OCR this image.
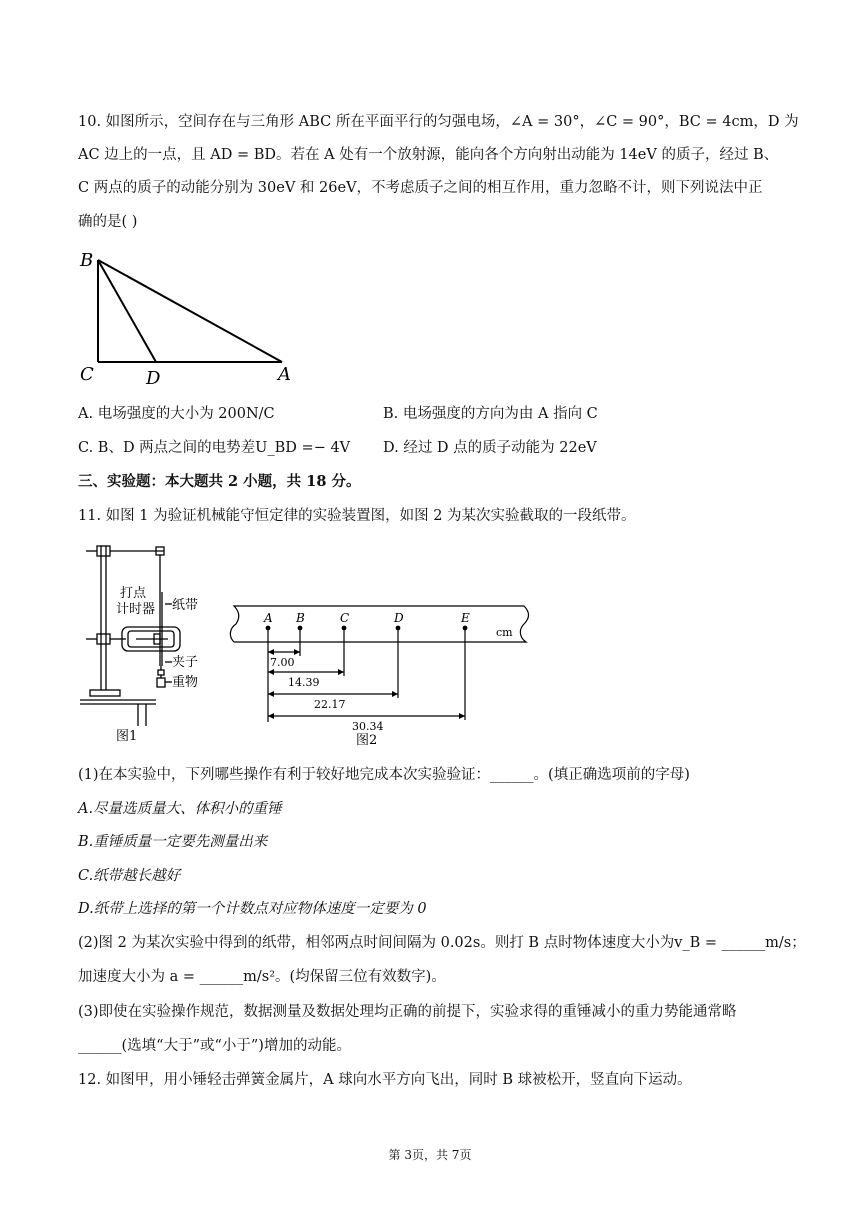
10. 如图所示，空间存在与三角形 ABC 所在平面平行的匀强电场，∠A = 30°，∠C = 90°，BC = 4cm，D 为
AC 边上的一点，且 AD = BD。若在 A 处有一个放射源，能向各个方向射出动能为 14eV 的质子，经过 B、
C 两点的质子的动能分别为 30eV 和 26eV，不考虑质子之间的相互作用，重力忽略不计，则下列说法中正
确的是( )
B
C	D	A
A. 电场强度的大小为 200N/C	B. 电场强度的方向为由 A 指向 C
C. B、D 两点之间的电势差U_BD =− 4V D. 经过 D 点的质子动能为 22eV
三、实验题：本大题共 2 小题，共 18 分。
11. 如图 1 为验证机械能守恒定律的实验装置图，如图 2 为某次实验截取的一段纸带。
打点
计时器 纸带
夹子
重物
图1
A B	C	D	E
cm
7.00
14.39
22.17
30.34
图2
(1)在本实验中，下列哪些操作有利于较好地完成本次实验验证：______。(填正确选项前的字母)
A.尽量选质量大、体积小的重锤
B.重锤质量一定要先测量出来
C.纸带越长越好
D.纸带上选择的第一个计数点对应物体速度一定要为 0
(2)图 2 为某次实验中得到的纸带，相邻两点时间间隔为 0.02s。则打 B 点时物体速度大小为v_B = ______m/s；
加速度大小为 a = ______m/s²。(均保留三位有效数字)。
(3)即使在实验操作规范，数据测量及数据处理均正确的前提下，实验求得的重锤减小的重力势能通常略
______(选填“大于”或“小于”)增加的动能。
12. 如图甲，用小锤轻击弹簧金属片，A 球向水平方向飞出，同时 B 球被松开，竖直向下运动。
第 3页，共 7页
